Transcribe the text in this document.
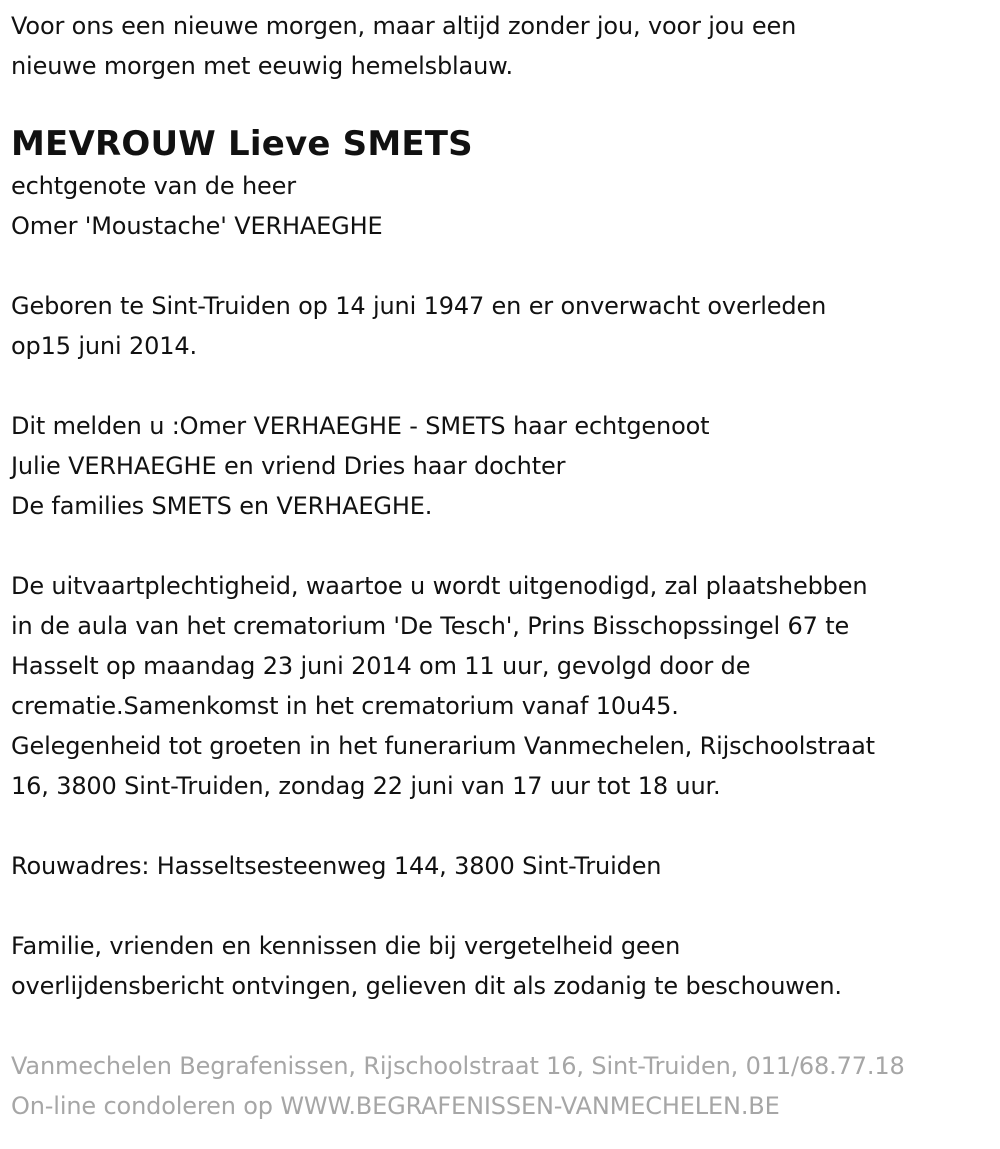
Voor ons een nieuwe morgen, maar altijd zonder jou, voor jou een
nieuwe morgen met eeuwig hemelsblauw.
MEVROUW Lieve SMETS
echtgenote van de heer
Omer 'Moustache' VERHAEGHE
Geboren te Sint-Truiden op 14 juni 1947 en er onverwacht overleden
op15 juni 2014.
Dit melden u :Omer VERHAEGHE - SMETS haar echtgenoot
Julie VERHAEGHE en vriend Dries haar dochter
De families SMETS en VERHAEGHE.
De uitvaartplechtigheid, waartoe u wordt uitgenodigd, zal plaatshebben
in de aula van het crematorium 'De Tesch', Prins Bisschopssingel 67 te
Hasselt op maandag 23 juni 2014 om 11 uur, gevolgd door de
crematie.Samenkomst in het crematorium vanaf 10u45.
Gelegenheid tot groeten in het funerarium Vanmechelen, Rijschoolstraat
16, 3800 Sint-Truiden, zondag 22 juni van 17 uur tot 18 uur.
Rouwadres: Hasseltsesteenweg 144, 3800 Sint-Truiden
Familie, vrienden en kennissen die bij vergetelheid geen
overlijdensbericht ontvingen, gelieven dit als zodanig te beschouwen.
Vanmechelen Begrafenissen, Rijschoolstraat 16, Sint-Truiden, 011/68.77.18
On-line condoleren op WWW.BEGRAFENISSEN-VANMECHELEN.BE
